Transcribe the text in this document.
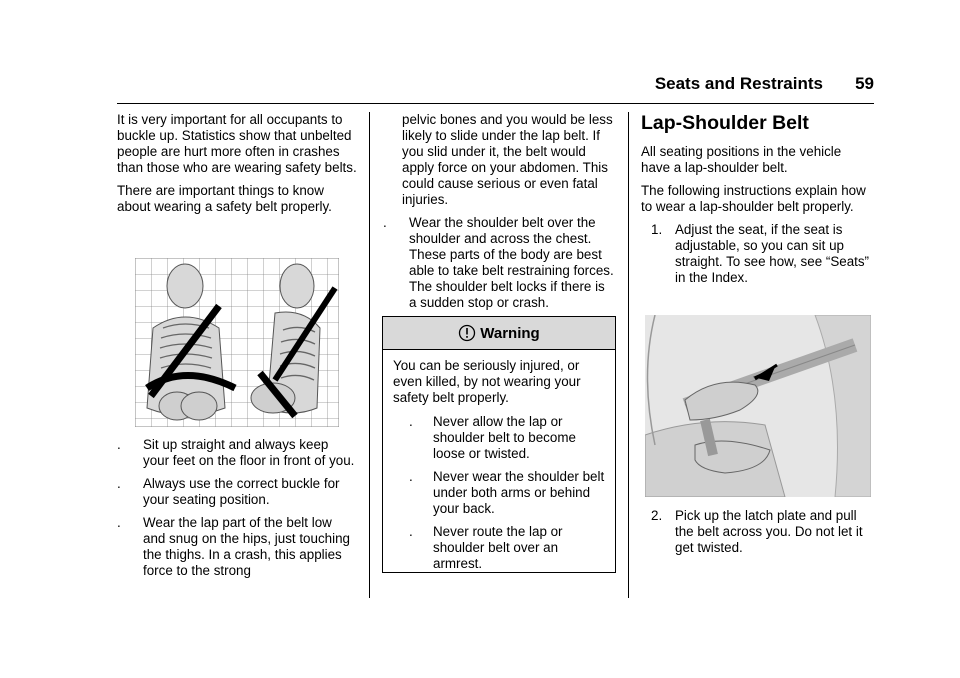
Seats and Restraints 59

It is very important for all occupants to buckle up. Statistics show that unbelted people are hurt more often in crashes than those who are wearing safety belts.

There are important things to know about wearing a safety belt properly.

.	Sit up straight and always keep your feet on the floor in front of you.
.	Always use the correct buckle for your seating position.
.	Wear the lap part of the belt low and snug on the hips, just touching the thighs. In a crash, this applies force to the strong

pelvic bones and you would be less likely to slide under the lap belt. If you slid under it, the belt would apply force on your abdomen. This could cause serious or even fatal injuries.

.	Wear the shoulder belt over the shoulder and across the chest. These parts of the body are best able to take belt restraining forces. The shoulder belt locks if there is a sudden stop or crash.
Warning

You can be seriously injured, or even killed, by not wearing your safety belt properly.

.	Never allow the lap or shoulder belt to become loose or twisted.
.	Never wear the shoulder belt under both arms or behind your back.
.	Never route the lap or shoulder belt over an armrest.
Lap-Shoulder Belt

All seating positions in the vehicle have a lap-shoulder belt.

The following instructions explain how to wear a lap-shoulder belt properly.

1. Adjust the seat, if the seat is adjustable, so you can sit up straight. To see how, see “Seats” in the Index.
2. Pick up the latch plate and pull the belt across you. Do not let it get twisted.
